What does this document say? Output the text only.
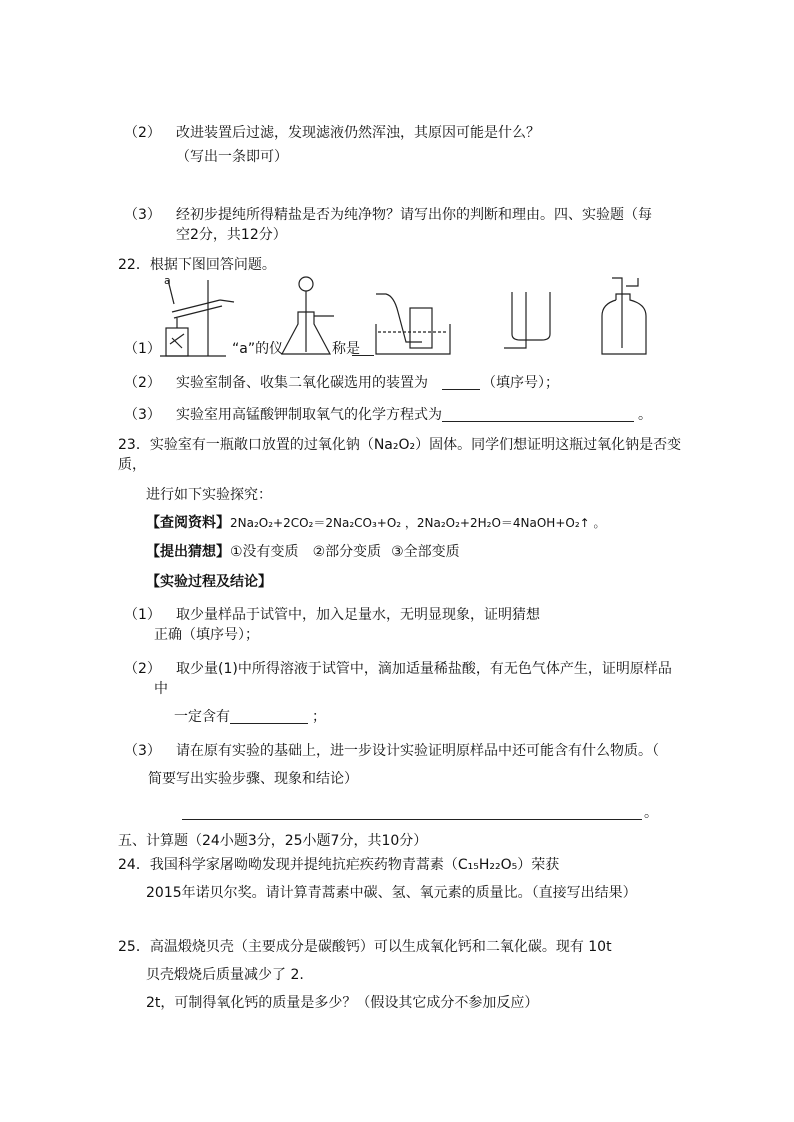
（2） 改进装置后过滤，发现滤液仍然浑浊，其原因可能是什么？
（写出一条即可）
（3） 经初步提纯所得精盐是否为纯净物？请写出你的判断和理由。四、实验题（每
空2分，共12分）
22．根据下图回答问题。
a
（1）	“a”的仪	称是
（2） 实验室制备、收集二氧化碳选用的装置为	（填序号）；
（3） 实验室用高锰酸钾制取氧气的化学方程式为	。
23．实验室有一瓶敞口放置的过氧化钠（Na₂O₂）固体。同学们想证明这瓶过氧化钠是否变
质，
进行如下实验探究：
【查阅资料】2Na₂O₂+2CO₂＝2Na₂CO₃+O₂ ，2Na₂O₂+2H₂O＝4NaOH+O₂↑ 。
【提出猜想】①没有变质 ②部分变质 ③全部变质
【实验过程及结论】
（1） 取少量样品于试管中，加入足量水，无明显现象，证明猜想
正确（填序号）；
（2） 取少量(1)中所得溶液于试管中，滴加适量稀盐酸，有无色气体产生，证明原样品
中
一定含有	；
（3） 请在原有实验的基础上，进一步设计实验证明原样品中还可能含有什么物质。（
简要写出实验步骤、现象和结论）
。
五、计算题（24小题3分，25小题7分，共10分）
24．我国科学家屠呦呦发现并提纯抗疟疾药物青蒿素（C₁₅H₂₂O₅）荣获
2015年诺贝尔奖。请计算青蒿素中碳、氢、氧元素的质量比。（直接写出结果）
25．高温煅烧贝壳（主要成分是碳酸钙）可以生成氧化钙和二氧化碳。现有 10t
贝壳煅烧后质量减少了 2.
2t，可制得氧化钙的质量是多少？（假设其它成分不参加反应）
